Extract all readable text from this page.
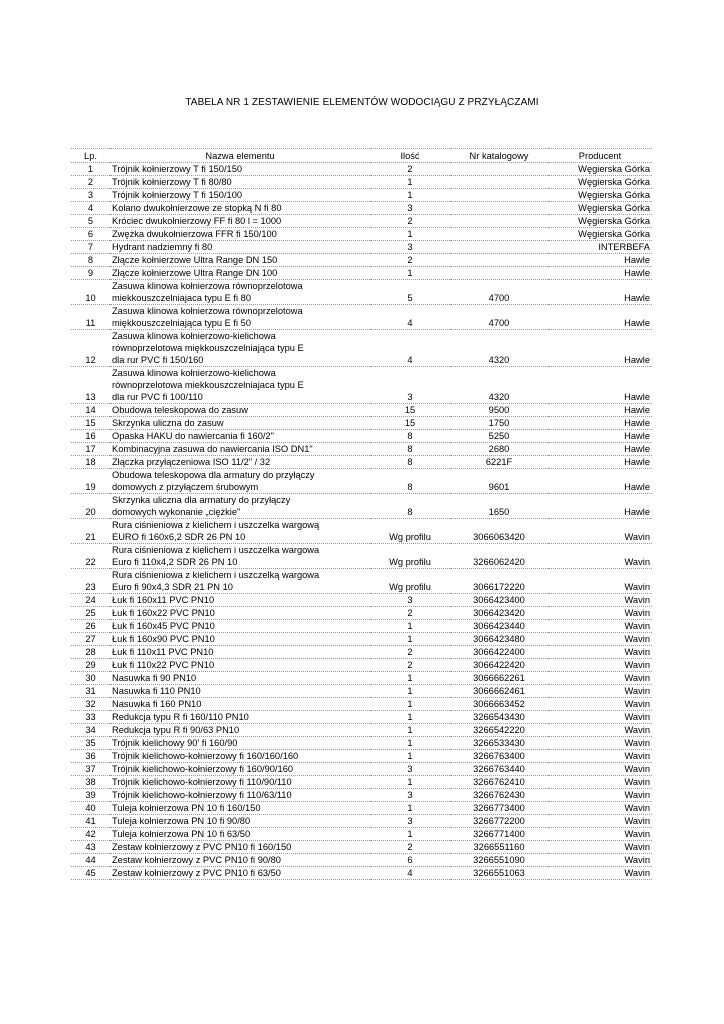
TABELA NR 1 ZESTAWIENIE ELEMENTÓW WODOCIĄGU Z PRZYŁĄCZAMI
Lp.	Nazwa elementu	Ilość	Nr katalogowy	Producent
1	Trójnik kołnierzowy T fi 150/150	2		Węgierska Górka
2	Trójnik kołnierzowy T fi 80/80	1		Węgierska Górka
3	Trójnik kołnierzowy T fi 150/100	1		Węgierska Górka
4	Kolano dwukołnierzowe ze stopką N fi 80	3		Węgierska Górka
5	Króciec dwukołnierzowy FF fi 80 l = 1000	2		Węgierska Górka
6	Zwężka dwukołnierzowa FFR fi 150/100	1		Węgierska Górka
7	Hydrant nadziemny fi 80	3		INTERBEFA
8	Złącze kołnierzowe Ultra Range DN 150	2		Hawle
9	Złącze kołnierzowe Ultra Range DN 100	1		Hawle
10	Zasuwa klinowa kołnierzowa równoprzelotowa
miekkouszczelniajaca typu E fi 80	5	4700	Hawle
11	Zasuwa klinowa kołnierzowa równoprzelotowa
miękkouszczelniająca typu E fi 50	4	4700	Hawle
12	Zasuwa klinowa kołnierzowo-kielichowa
równoprzelotowa miękkouszczelniająca typu E
dla rur PVC fi 150/160	4	4320	Hawle
13	Zasuwa klinowa kołnierzowo-kielichowa
równoprzelotowa miekkouszczelniajaca typu E
dla rur PVC fi 100/110	3	4320	Hawle
14	Obudowa teleskopowa do zasuw	15	9500	Hawle
15	Skrzynka uliczna do zasuw	15	1750	Hawle
16	Opaska HAKU do nawiercania fi 160/2"	8	5250	Hawle
17	Kombinacyjna zasuwa do nawiercania ISO DN1"	8	2680	Hawle
18	Złączka przyłączeniowa ISO 11/2" / 32	8	6221F	Hawle
19	Obudowa teleskopowa dla armatury do przyłączy
domowych z przyłączem śrubowym	8	9601	Hawle
20	Skrzynka uliczna dla armatury do przyłączy
domowych wykonanie „ciężkie"	8	1650	Hawle
21	Rura ciśnieniowa z kielichem i uszczelka wargową
EURO fi 160x6,2 SDR 26 PN 10	Wg profilu	3066063420	Wavin
22	Rura ciśnieniowa z kielichem i uszczelka wargowa
Euro fi 110x4,2 SDR 26 PN 10	Wg profilu	3266062420	Wavin
23	Rura ciśnieniowa z kielichem i uszczelką wargowa
Euro fi 90x4,3 SDR 21 PN 10	Wg profilu	3066172220	Wavin
24	Łuk fi 160x11 PVC PN10	3	3066423400	Wavin
25	Łuk fi 160x22 PVC PN10	2	3066423420	Wavin
26	Łuk fi 160x45 PVC PN10	1	3066423440	Wavin
27	Łuk fi 160x90 PVC PN10	1	3066423480	Wavin
28	Łuk fi 110x11 PVC PN10	2	3066422400	Wavin
29	Łuk fi 110x22 PVC PN10	2	3066422420	Wavin
30	Nasuwka fi 90 PN10	1	3066662261	Wavin
31	Nasuwka fi 110 PN10	1	3066662461	Wavin
32	Nasuwka fi 160 PN10	1	3066663452	Wavin
33	Redukcja typu R fi 160/110 PN10	1	3266543430	Wavin
34	Redukcja typu R fi 90/63 PN10	1	3266542220	Wavin
35	Trójnik kielichowy 90' fi 160/90	1	3266533430	Wavin
36	Trójnik kielichowo-kołnierzowy fi 160/160/160	1	3266763400	Wavin
37	Trójnik kielichowo-kołnierzowy fi 160/90/160	3	3266763440	Wavin
38	Trójnik kielichowo-kołnierzowy fi 110/90/110	1	3266762410	Wavin
39	Trójnik kielichowo-kołnierzowy fi 110/63/110	3	3266762430	Wavin
40	Tuleja kołnierzowa PN 10 fi 160/150	1	3266773400	Wavin
41	Tuleja kołnierzowa PN 10 fi 90/80	3	3266772200	Wavin
42	Tuleja kołnierzowa PN 10 fi 63/50	1	3266771400	Wavin
43	Zestaw kołnierzowy z PVC PN10 fi 160/150	2	3266551160	Wavin
44	Zestaw kołnierzowy z PVC PN10 fi 90/80	6	3266551090	Wavin
45	Zestaw kołnierzowy z PVC PN10 fi 63/50	4	3266551063	Wavin
